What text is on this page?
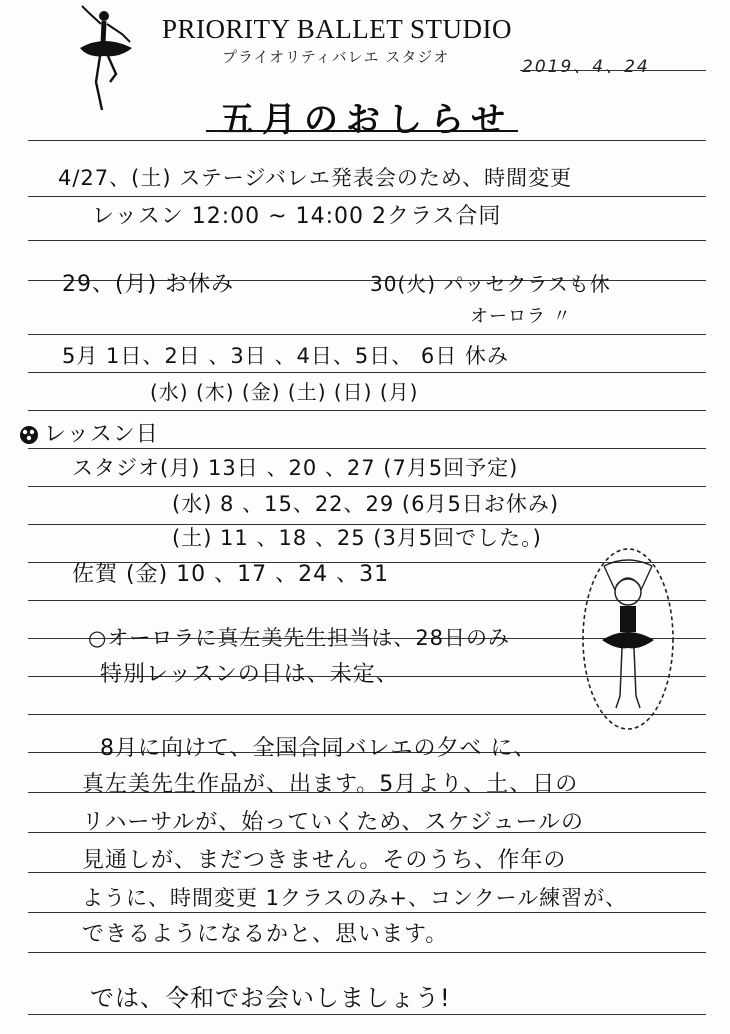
PRIORITY BALLET STUDIO
プライオリティバレエ スタジオ	2019、4、24
五月のおしらせ
4/27、(土) ステージバレエ発表会のため、時間変更
レッスン 12:00 ~ 14:00 2クラス合同
29、(月) お休み	30(火) パッセクラスも休
オーロラ 〃
5月 1日、2日 、3日 、4日、5日、 6日 休み
(水) (木) (金) (土) (日) (月)
レッスン日
スタジオ(月) 13日 、20 、27 (7月5回予定)
(水) 8 、15、22、29 (6月5日お休み)
(土) 11 、18 、25 (3月5回でした。)
佐賀 (金) 10 、17 、24 、31
○オーロラに真左美先生担当は、28日のみ
特別レッスンの日は、未定、
8月に向けて、全国合同バレエの夕べ に、
真左美先生作品が、出ます。5月より、土、日の
リハーサルが、始っていくため、スケジュールの
見通しが、まだつきません。そのうち、作年の
ように、時間変更 1クラスのみ+、コンクール練習が、
できるようになるかと、思います。
では、令和でお会いしましょう!
